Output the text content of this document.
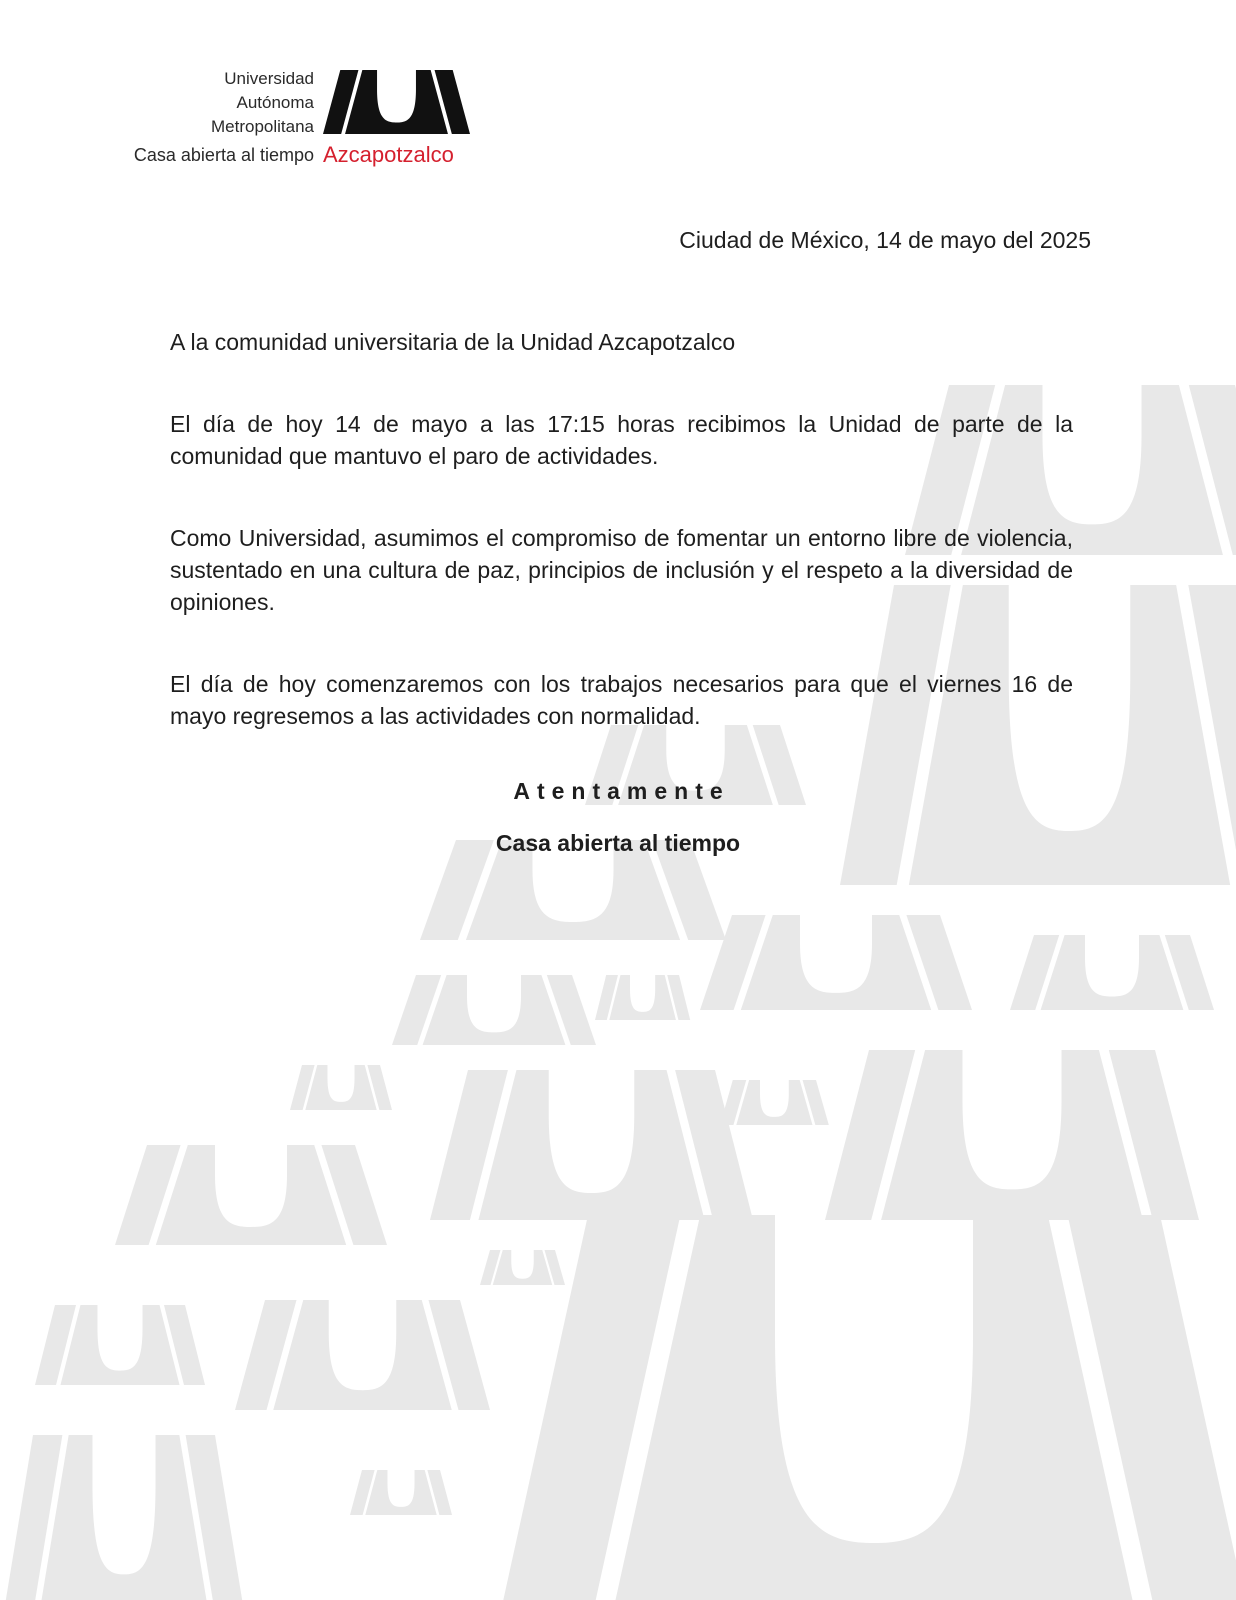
Universidad
Autónoma
Metropolitana
Casa abierta al tiempo Azcapotzalco
Ciudad de México, 14 de mayo del 2025

A la comunidad universitaria de la Unidad Azcapotzalco

El día de hoy 14 de mayo a las 17:15 horas recibimos la Unidad de parte de la comunidad que mantuvo el paro de actividades.

Como Universidad, asumimos el compromiso de fomentar un entorno libre de violencia, sustentado en una cultura de paz, principios de inclusión y el respeto a la diversidad de opiniones.

El día de hoy comenzaremos con los trabajos necesarios para que el viernes 16 de mayo regresemos a las actividades con normalidad.

Atentamente
Casa abierta al tiempo
